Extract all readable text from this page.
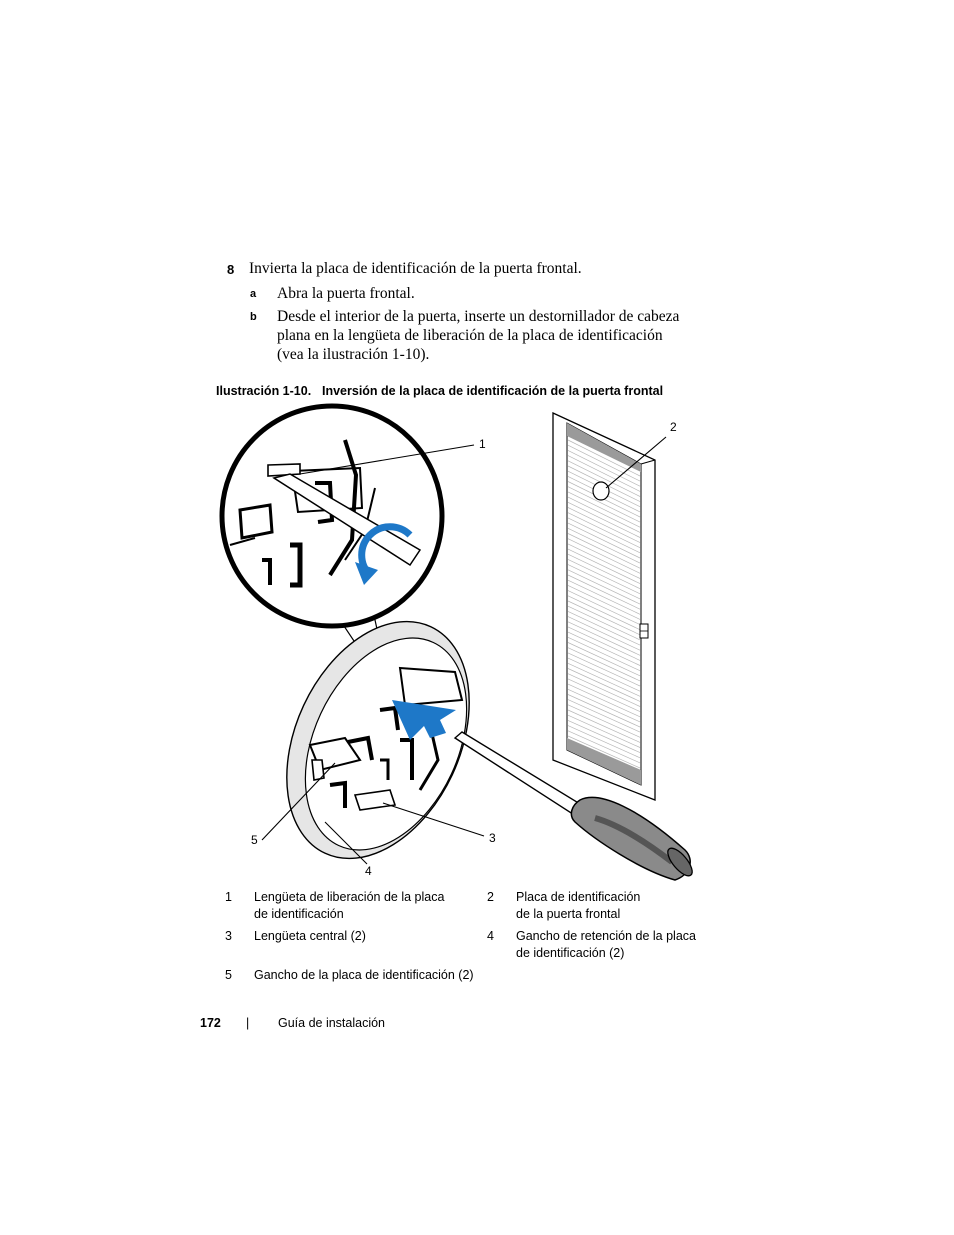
8 Invierta la placa de identificación de la puerta frontal.
a Abra la puerta frontal.
b Desde el interior de la puerta, inserte un destornillador de cabeza
plana en la lengüeta de liberación de la placa de identificación
(vea la ilustración 1-10).
Ilustración 1-10. Inversión de la placa de identificación de la puerta frontal
1
2
3
4
5
1 Lengüeta de liberación de la placa
de identificación
2 Placa de identificación
de la puerta frontal
3 Lengüeta central (2)	4 Gancho de retención de la placa
de identificación (2)
5 Gancho de la placa de identificación (2)
172 | Guía de instalación
